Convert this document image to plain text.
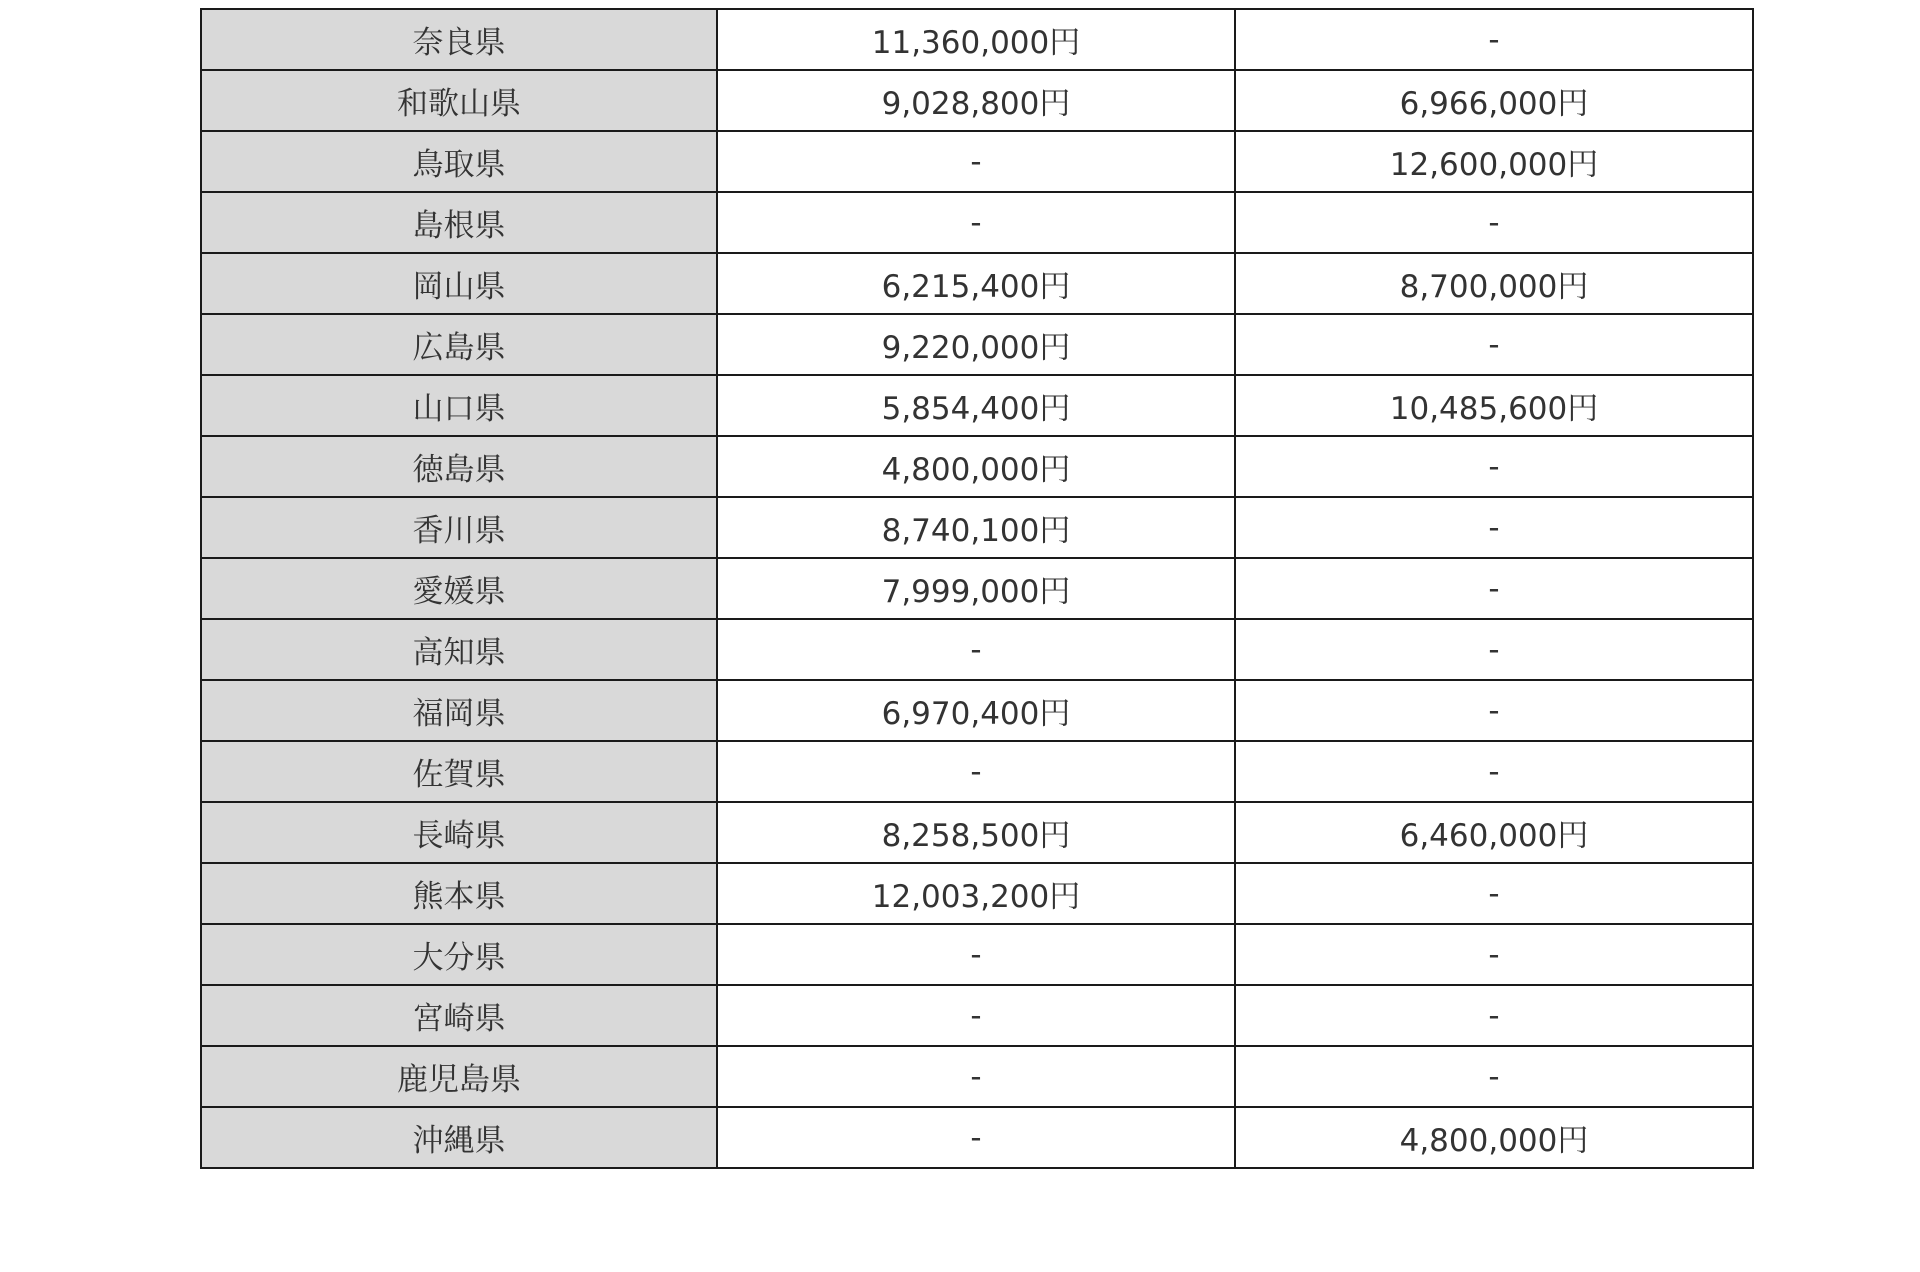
奈良県	11,360,000円	-
和歌山県	9,028,800円	6,966,000円
鳥取県	-	12,600,000円
島根県	-	-
岡山県	6,215,400円	8,700,000円
広島県	9,220,000円	-
山口県	5,854,400円	10,485,600円
徳島県	4,800,000円	-
香川県	8,740,100円	-
愛媛県	7,999,000円	-
高知県	-	-
福岡県	6,970,400円	-
佐賀県	-	-
長崎県	8,258,500円	6,460,000円
熊本県	12,003,200円	-
大分県	-	-
宮崎県	-	-
鹿児島県	-	-
沖縄県	-	4,800,000円
